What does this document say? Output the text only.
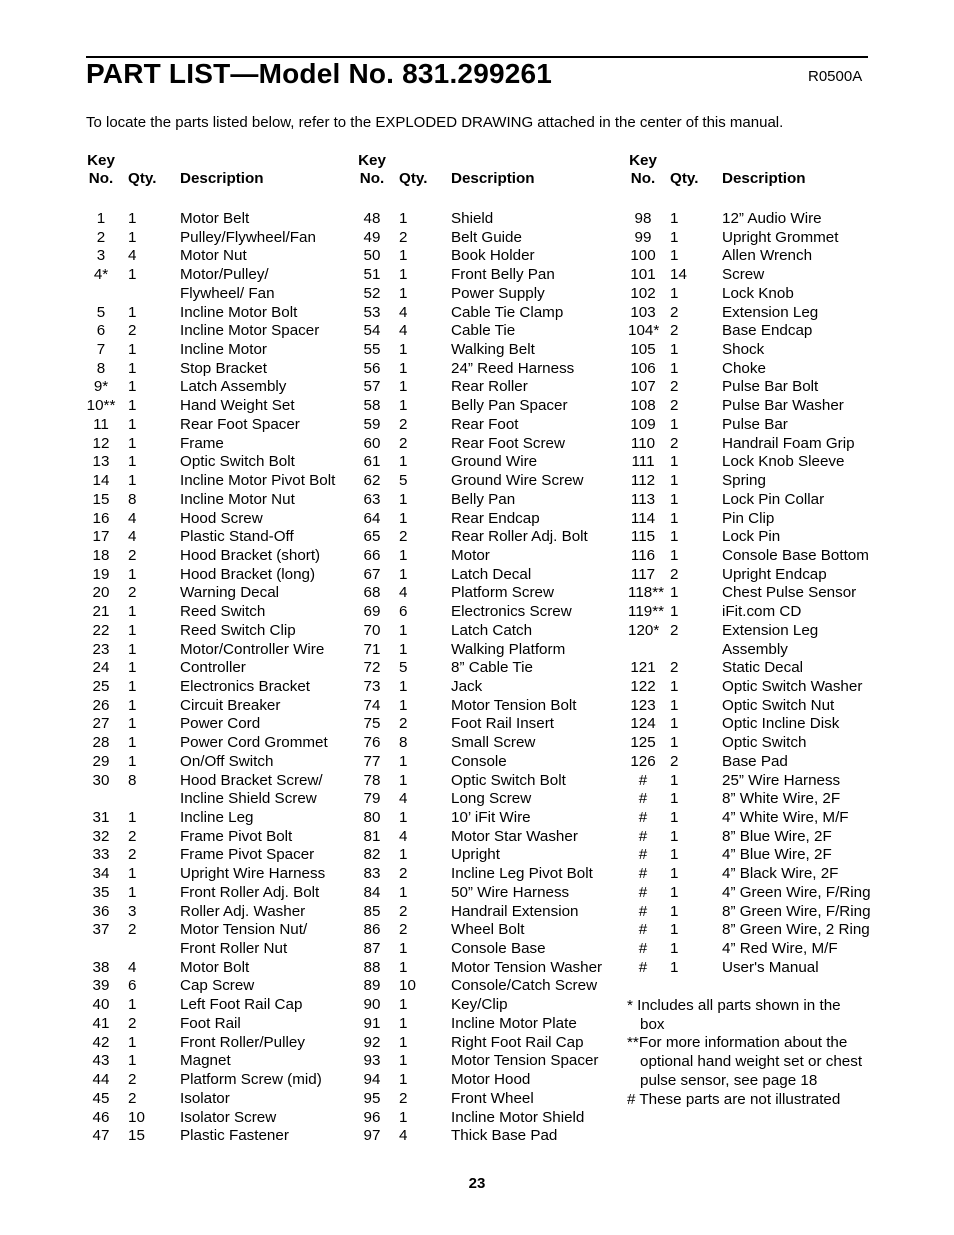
PART LIST—Model No. 831.299261	R0500A
To locate the parts listed below, refer to the EXPLODED DRAWING attached in the center of this manual.
Key
No. Qty. Description
1	1	Motor Belt
2	1	Pulley/Flywheel/Fan
3	4	Motor Nut
4*	1	Motor/Pulley/
Flywheel/ Fan
5	1	Incline Motor Bolt
6	2	Incline Motor Spacer
7	1	Incline Motor
8	1	Stop Bracket
9*	1	Latch Assembly
10** 1	Hand Weight Set
11	1	Rear Foot Spacer
12	1	Frame
13	1	Optic Switch Bolt
14	1	Incline Motor Pivot Bolt
15	8	Incline Motor Nut
16	4	Hood Screw
17	4	Plastic Stand-Off
18	2	Hood Bracket (short)
19	1	Hood Bracket (long)
20	2	Warning Decal
21	1	Reed Switch
22	1	Reed Switch Clip
23	1	Motor/Controller Wire
24	1	Controller
25	1	Electronics Bracket
26	1	Circuit Breaker
27	1	Power Cord
28	1	Power Cord Grommet
29	1	On/Off Switch
30	8	Hood Bracket Screw/
Incline Shield Screw
31	1	Incline Leg
32	2	Frame Pivot Bolt
33	2	Frame Pivot Spacer
34	1	Upright Wire Harness
35	1	Front Roller Adj. Bolt
36	3	Roller Adj. Washer
37	2	Motor Tension Nut/
Front Roller Nut
38	4	Motor Bolt
39	6	Cap Screw
40	1	Left Foot Rail Cap
41	2	Foot Rail
42	1	Front Roller/Pulley
43	1	Magnet
44	2	Platform Screw (mid)
45	2	Isolator
46	10	Isolator Screw
47	15	Plastic Fastener
Key
No. Qty. Description
48	1	Shield
49	2	Belt Guide
50	1	Book Holder
51	1	Front Belly Pan
52	1	Power Supply
53	4	Cable Tie Clamp
54	4	Cable Tie
55	1	Walking Belt
56	1	24” Reed Harness
57	1	Rear Roller
58	1	Belly Pan Spacer
59	2	Rear Foot
60	2	Rear Foot Screw
61	1	Ground Wire
62	5	Ground Wire Screw
63	1	Belly Pan
64	1	Rear Endcap
65	2	Rear Roller Adj. Bolt
66	1	Motor
67	1	Latch Decal
68	4	Platform Screw
69	6	Electronics Screw
70	1	Latch Catch
71	1	Walking Platform
72	5	8” Cable Tie
73	1	Jack
74	1	Motor Tension Bolt
75	2	Foot Rail Insert
76	8	Small Screw
77	1	Console
78	1	Optic Switch Bolt
79	4	Long Screw
80	1	10’ iFit Wire
81	4	Motor Star Washer
82	1	Upright
83	2	Incline Leg Pivot Bolt
84	1	50” Wire Harness
85	2	Handrail Extension
86	2	Wheel Bolt
87	1	Console Base
88	1	Motor Tension Washer
89	10	Console/Catch Screw
90	1	Key/Clip
91	1	Incline Motor Plate
92	1	Right Foot Rail Cap
93	1	Motor Tension Spacer
94	1	Motor Hood
95	2	Front Wheel
96	1	Incline Motor Shield
97	4	Thick Base Pad
Key
No. Qty. Description
98	1	12” Audio Wire
99	1	Upright Grommet
100 1	Allen Wrench
101 14	Screw
102 1	Lock Knob
103 2	Extension Leg
104* 2	Base Endcap
105 1	Shock
106 1	Choke
107 2	Pulse Bar Bolt
108 2	Pulse Bar Washer
109 1	Pulse Bar
110 2	Handrail Foam Grip
111 1	Lock Knob Sleeve
112 1	Spring
113 1	Lock Pin Collar
114 1	Pin Clip
115 1	Lock Pin
116 1	Console Base Bottom
117 2	Upright Endcap
118** 1	Chest Pulse Sensor
119** 1	iFit.com CD
120* 2	Extension Leg
Assembly
121 2	Static Decal
122 1	Optic Switch Washer
123 1	Optic Switch Nut
124 1	Optic Incline Disk
125 1	Optic Switch
126 2	Base Pad
#	1	25” Wire Harness
#	1	8” White Wire, 2F
#	1	4” White Wire, M/F
#	1	8” Blue Wire, 2F
#	1	4” Blue Wire, 2F
#	1	4” Black Wire, 2F
#	1	4” Green Wire, F/Ring
#	1	8” Green Wire, F/Ring
#	1	8” Green Wire, 2 Ring
#	1	4” Red Wire, M/F
#	1	User's Manual
* Includes all parts shown in the
box
**For more information about the
optional hand weight set or chest
pulse sensor, see page 18
# These parts are not illustrated
23
